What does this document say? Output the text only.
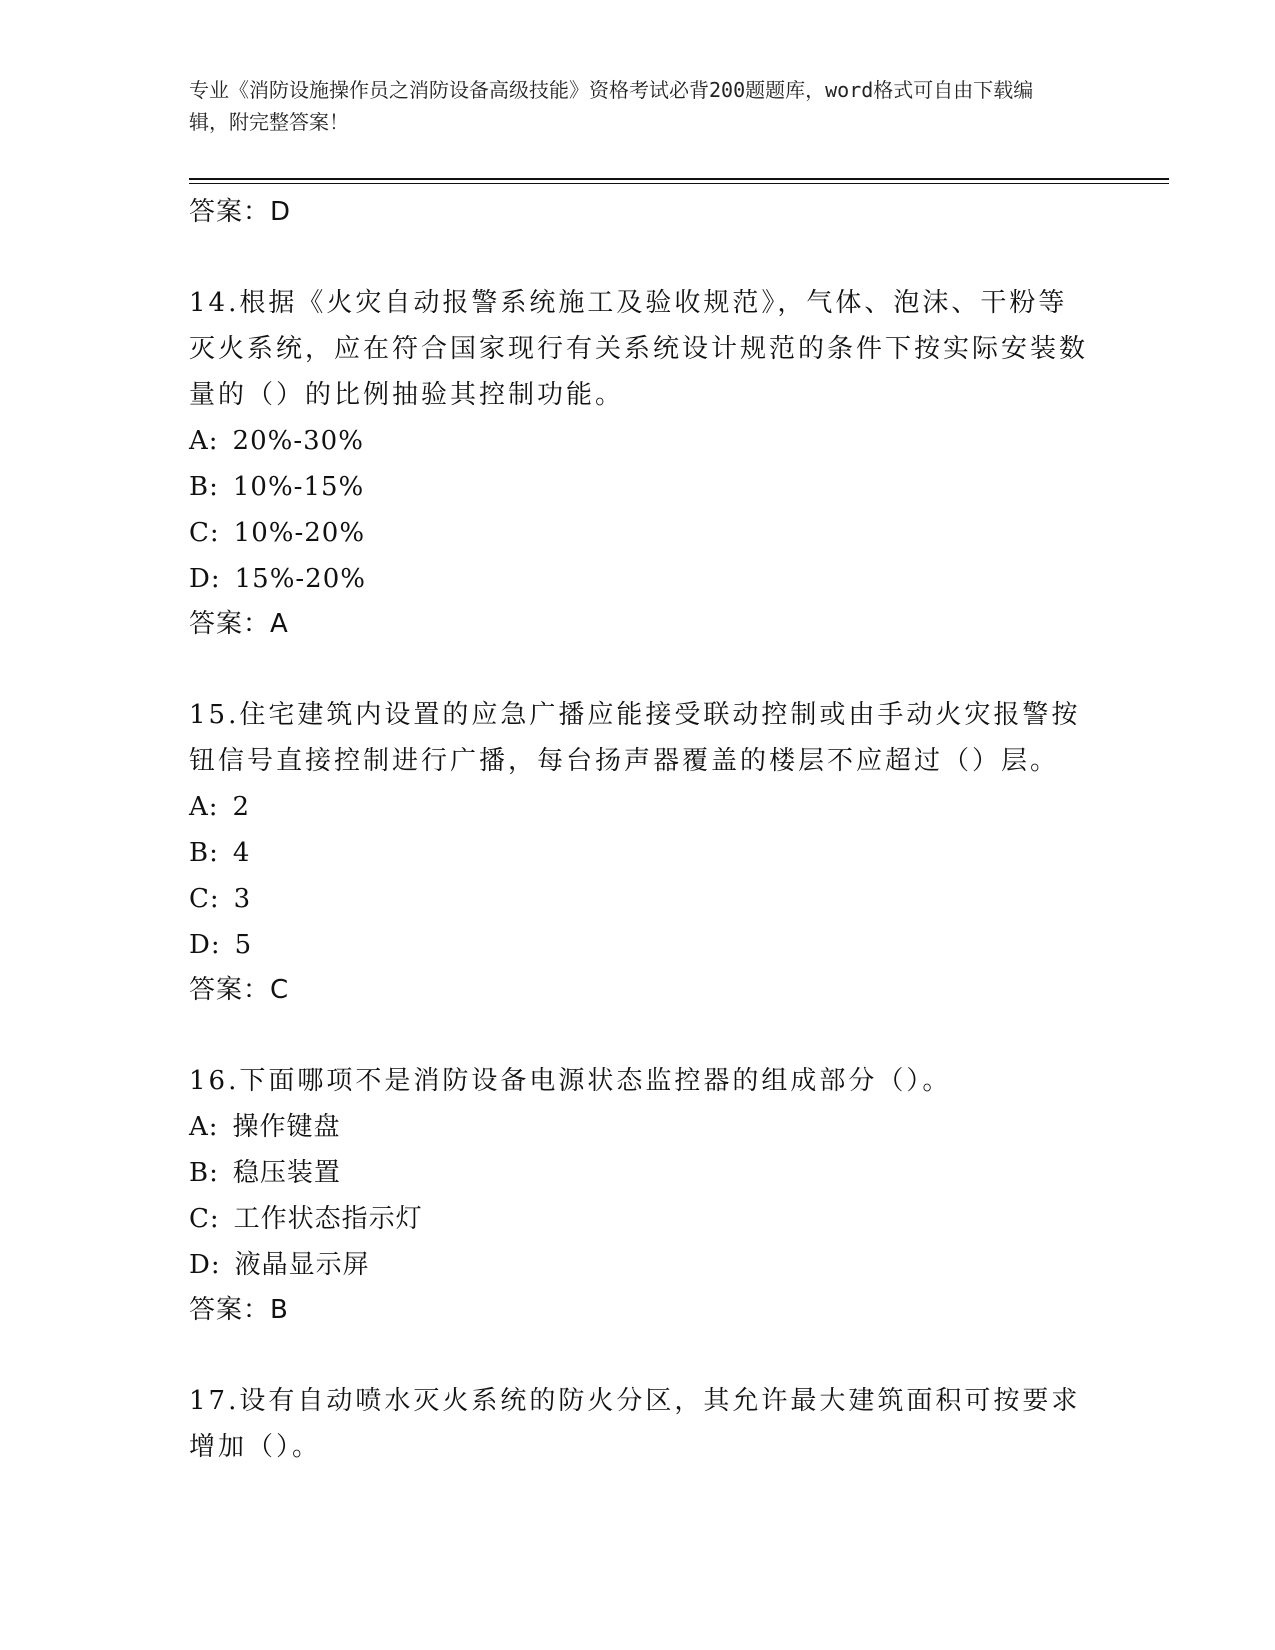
专业《消防设施操作员之消防设备高级技能》资格考试必背200题题库，word格式可自由下载编辑，附完整答案！
答案：D
14.根据《火灾自动报警系统施工及验收规范》，气体、泡沫、干粉等灭火系统，应在符合国家现行有关系统设计规范的条件下按实际安装数量的（）的比例抽验其控制功能。
A: 20%-30%
B: 10%-15%
C: 10%-20%
D: 15%-20%
答案：A
15.住宅建筑内设置的应急广播应能接受联动控制或由手动火灾报警按钮信号直接控制进行广播，每台扬声器覆盖的楼层不应超过（）层。
A: 2
B: 4
C: 3
D: 5
答案：C
16.下面哪项不是消防设备电源状态监控器的组成部分（）。
A: 操作键盘
B: 稳压装置
C: 工作状态指示灯
D: 液晶显示屏
答案：B
17.设有自动喷水灭火系统的防火分区，其允许最大建筑面积可按要求增加（）。
